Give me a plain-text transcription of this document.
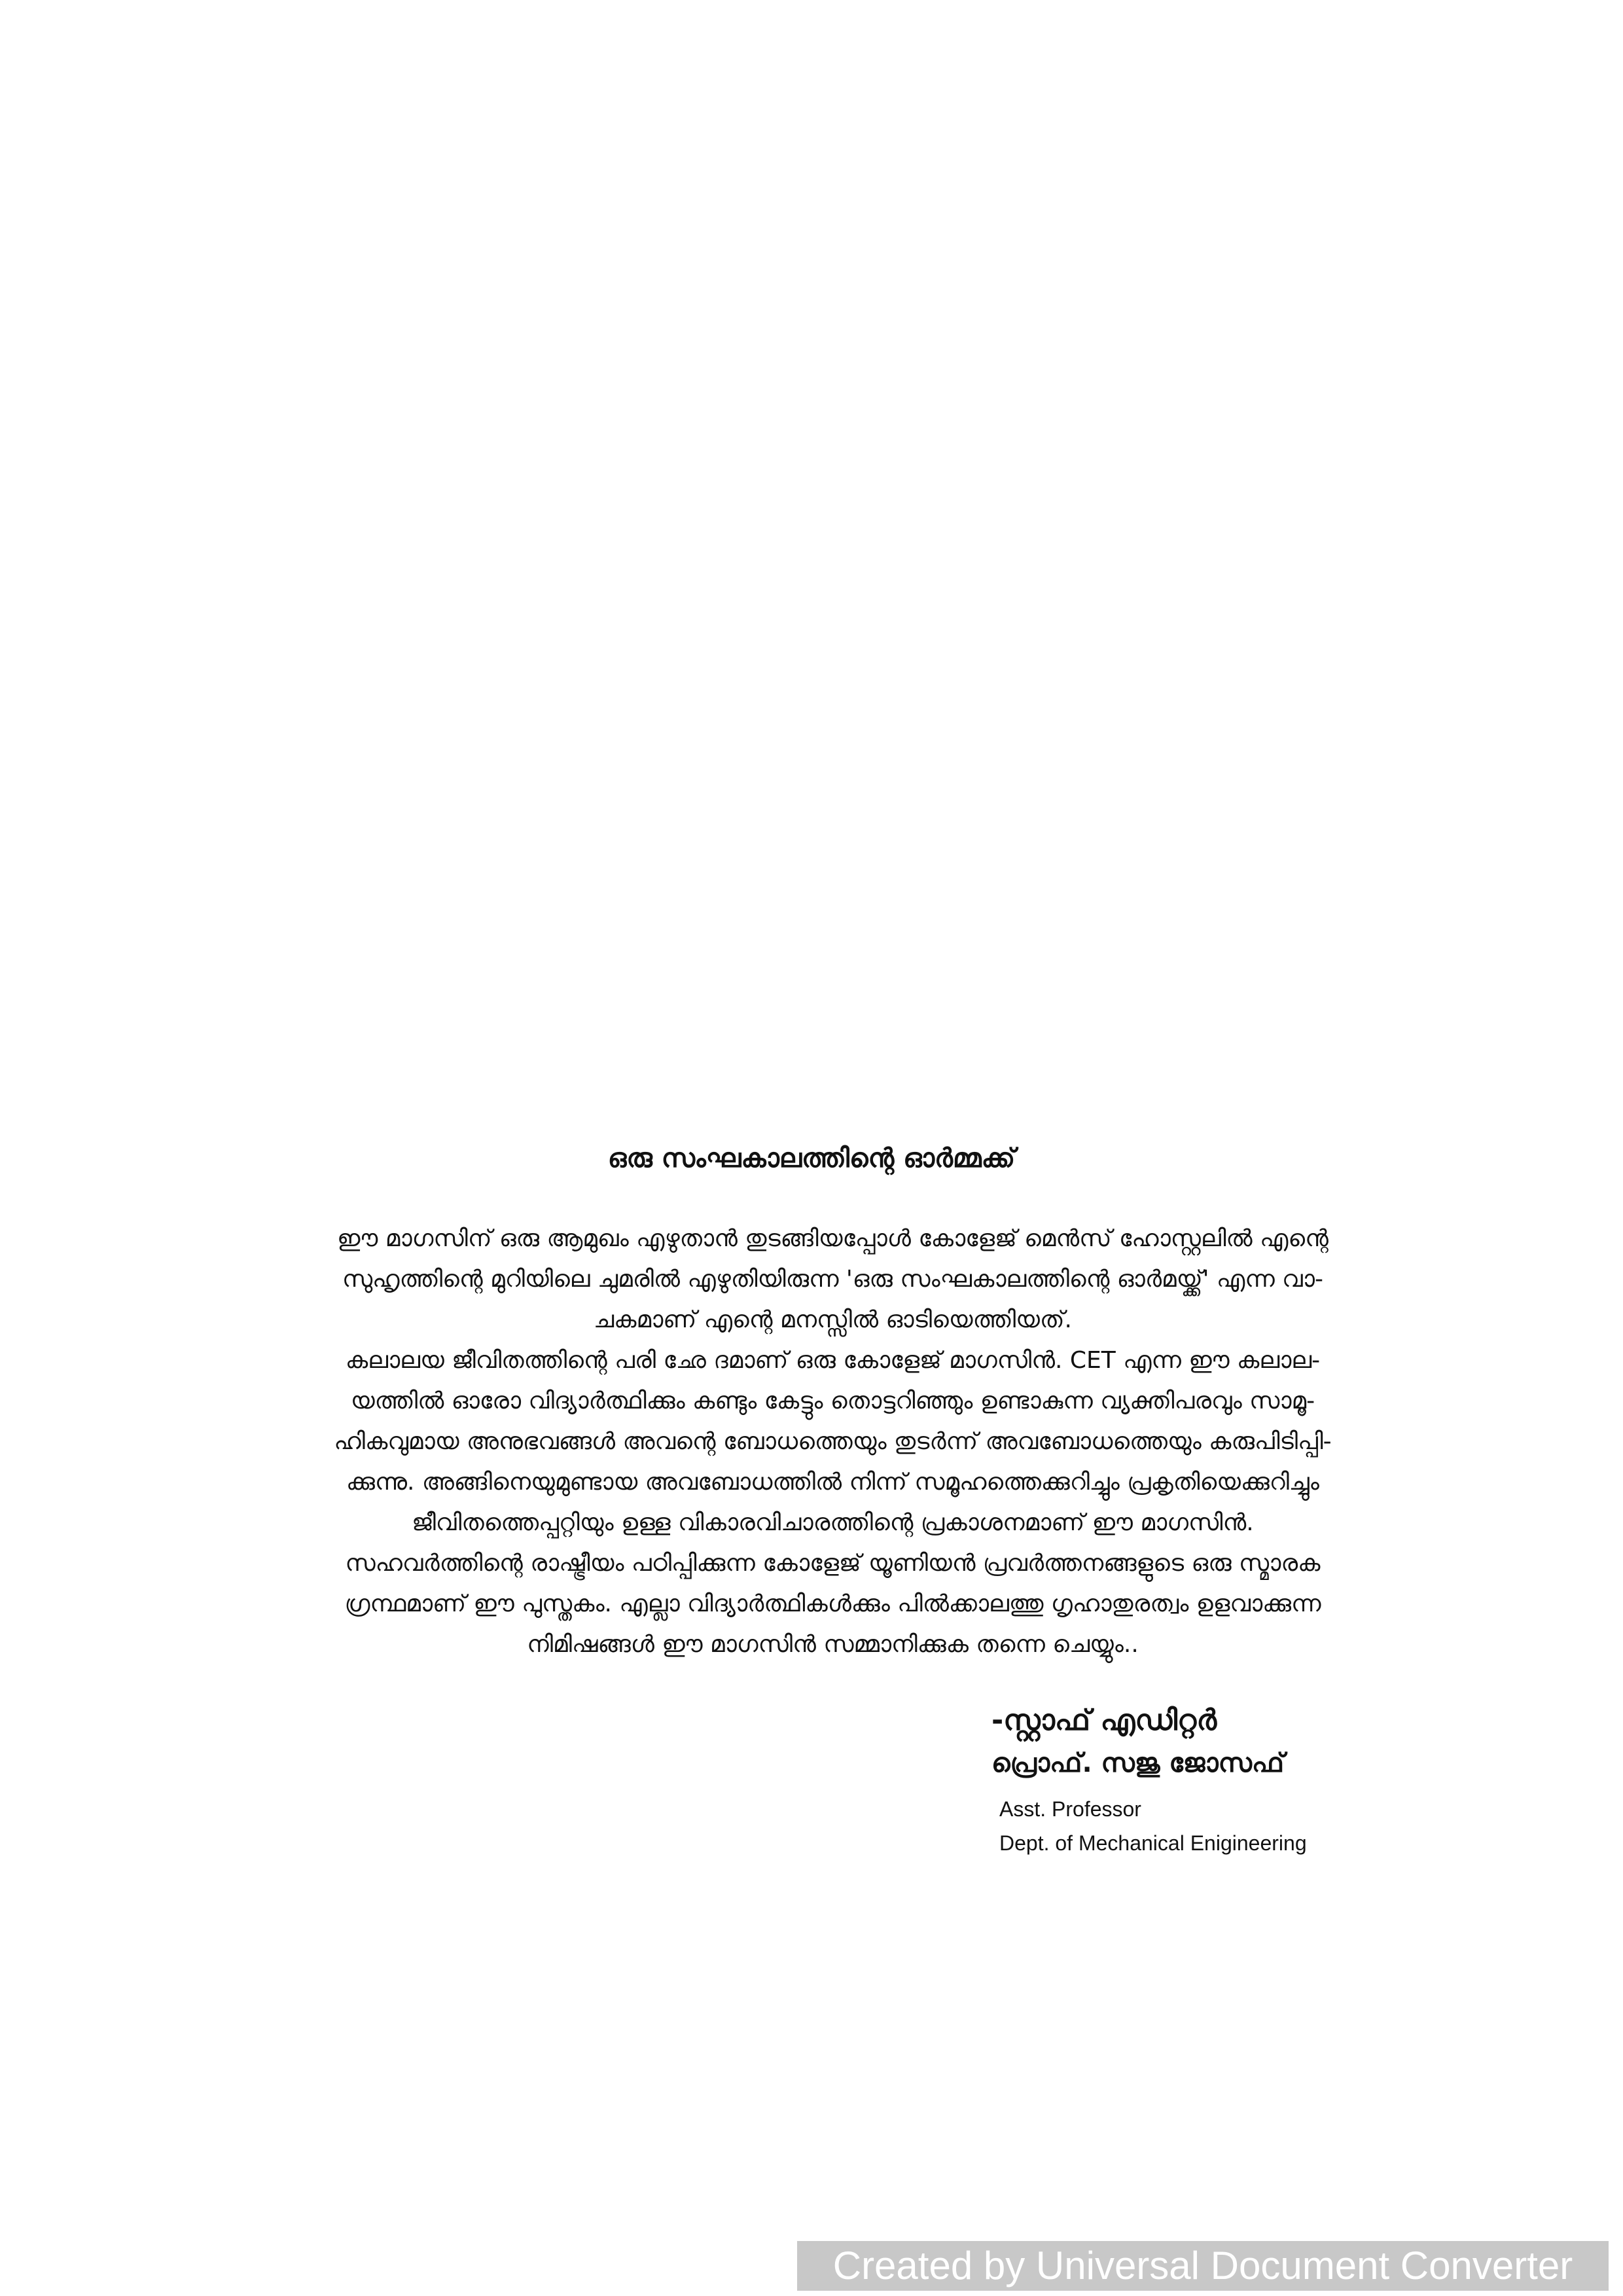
ഒരു സംഘകാലത്തിന്റെ ഓർമ്മക്ക്
ഈ മാഗസിന് ഒരു ആമുഖം എഴുതാൻ തുടങ്ങിയപ്പോൾ കോളേജ് മെൻസ് ഹോസ്റ്റലിൽ എന്റെ
സുഹൃത്തിന്റെ മുറിയിലെ ചുമരിൽ എഴുതിയിരുന്ന 'ഒരു സംഘകാലത്തിന്റെ ഓർമയ്ക്ക്' എന്ന വാ-
ചകമാണ് എന്റെ മനസ്സിൽ ഓടിയെത്തിയത്.
കലാലയ ജീവിതത്തിന്റെ പരി ഛേ ദമാണ് ഒരു കോളേജ് മാഗസിൻ. CET എന്ന ഈ കലാല-
യത്തിൽ ഓരോ വിദ്യാർത്ഥിക്കും കണ്ടും കേട്ടും തൊട്ടറിഞ്ഞും ഉണ്ടാകുന്ന വ്യക്തിപരവും സാമൂ-
ഹികവുമായ അനുഭവങ്ങൾ അവന്റെ ബോധത്തെയും തുടർന്ന് അവബോധത്തെയും കരുപിടിപ്പി-
ക്കുന്നു. അങ്ങിനെയുമുണ്ടായ അവബോധത്തിൽ നിന്ന് സമൂഹത്തെക്കുറിച്ചും പ്രകൃതിയെക്കുറിച്ചും
ജീവിതത്തെപ്പറ്റിയും ഉള്ള വികാരവിചാരത്തിന്റെ പ്രകാശനമാണ് ഈ മാഗസിൻ.
സഹവർത്തിന്റെ രാഷ്ട്രീയം പഠിപ്പിക്കുന്ന കോളേജ് യൂണിയൻ പ്രവർത്തനങ്ങളുടെ ഒരു സ്മാരക
ഗ്രന്ഥമാണ് ഈ പുസ്തകം. എല്ലാ വിദ്യാർത്ഥികൾക്കും പിൽക്കാലത്തു ഗൃഹാതുരത്വം ഉളവാക്കുന്ന
നിമിഷങ്ങൾ ഈ മാഗസിൻ സമ്മാനിക്കുക തന്നെ ചെയ്യും..
-സ്റ്റാഫ് എഡിറ്റർ
പ്രൊഫ്. സജു ജോസഫ്
Asst. Professor
Dept. of Mechanical Enigineering
Created by Universal Document Converter
